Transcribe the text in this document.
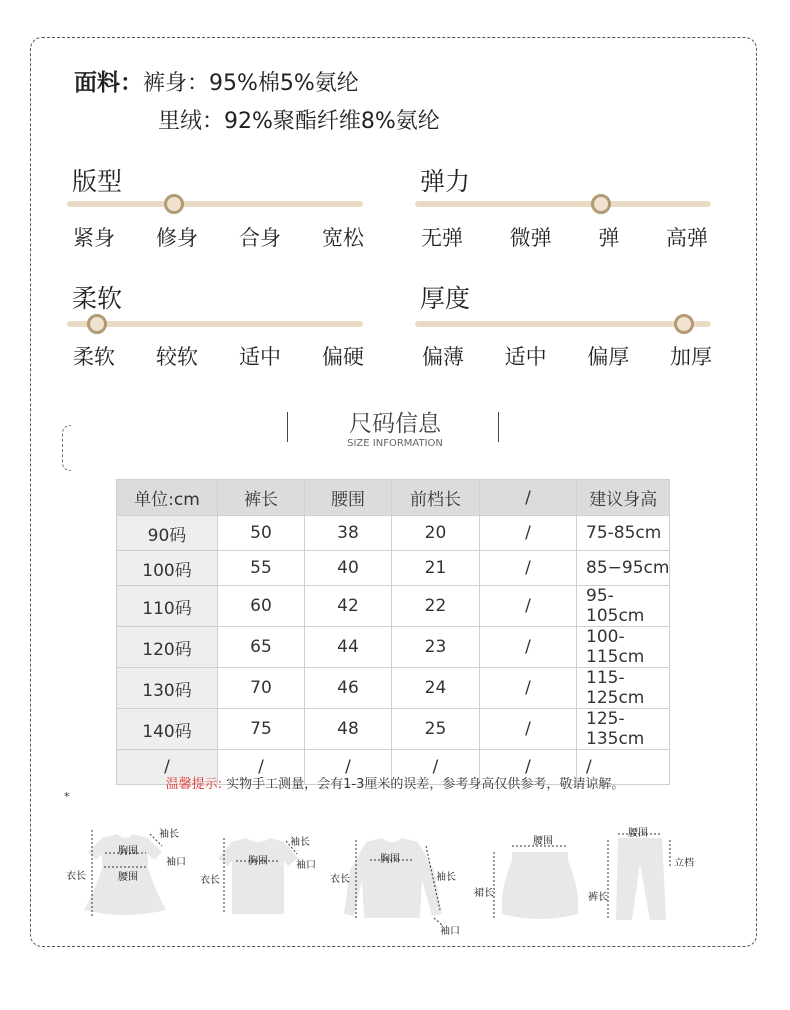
面料：裤身：95%棉5%氨纶
里绒：92%聚酯纤维8%氨纶
版型
紧身 修身 合身 宽松
弹力
无弹 微弹 弹 高弹
柔软
柔软 较软 适中 偏硬
厚度
偏薄 适中 偏厚 加厚
尺码信息
SIZE INFORMATION
单位:cm	裤长	腰围	前档长	/	建议身高
90码	50	38	20	/	75-85cm
100码	55	40	21	/	85−95cm
110码	60	42	22	/	95-105cm
120码	65	44	23	/	100-115cm
130码	70	46	24	/	115-125cm
140码	75	48	25	/	125-135cm
/	/	/	/	/	/
温馨提示: 实物手工测量，会有1-3厘米的误差，参考身高仅供参考，敬请谅解。
*
袖长
胸围
袖口
衣长	腰围
袖长
胸围	袖口
衣长
胸围
衣长	袖长
袖口
腰围
裙长
腰围
立档
裤长
